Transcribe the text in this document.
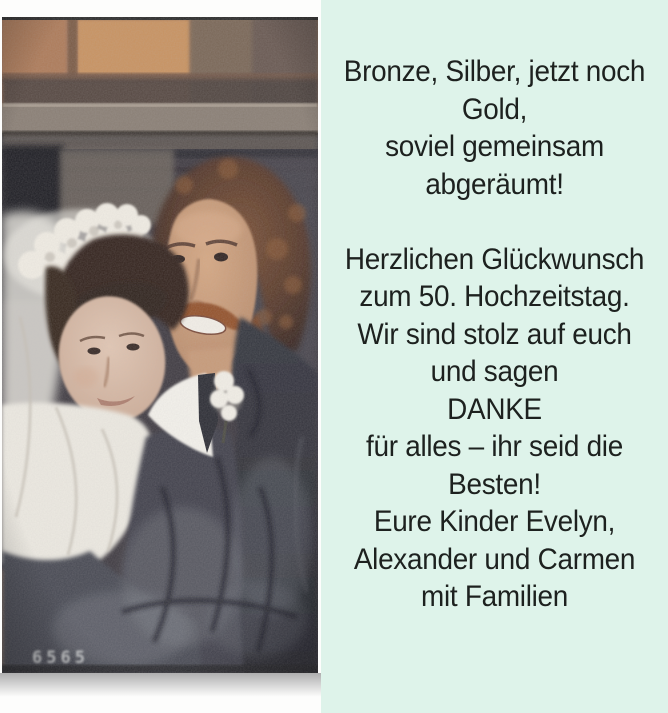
Bronze, Silber, jetzt noch
Gold,
soviel gemeinsam
abgeräumt!
Herzlichen Glückwunsch
zum 50. Hochzeitstag.
Wir sind stolz auf euch
und sagen
DANKE
für alles – ihr seid die
Besten!
Eure Kinder Evelyn,
Alexander und Carmen
mit Familien
